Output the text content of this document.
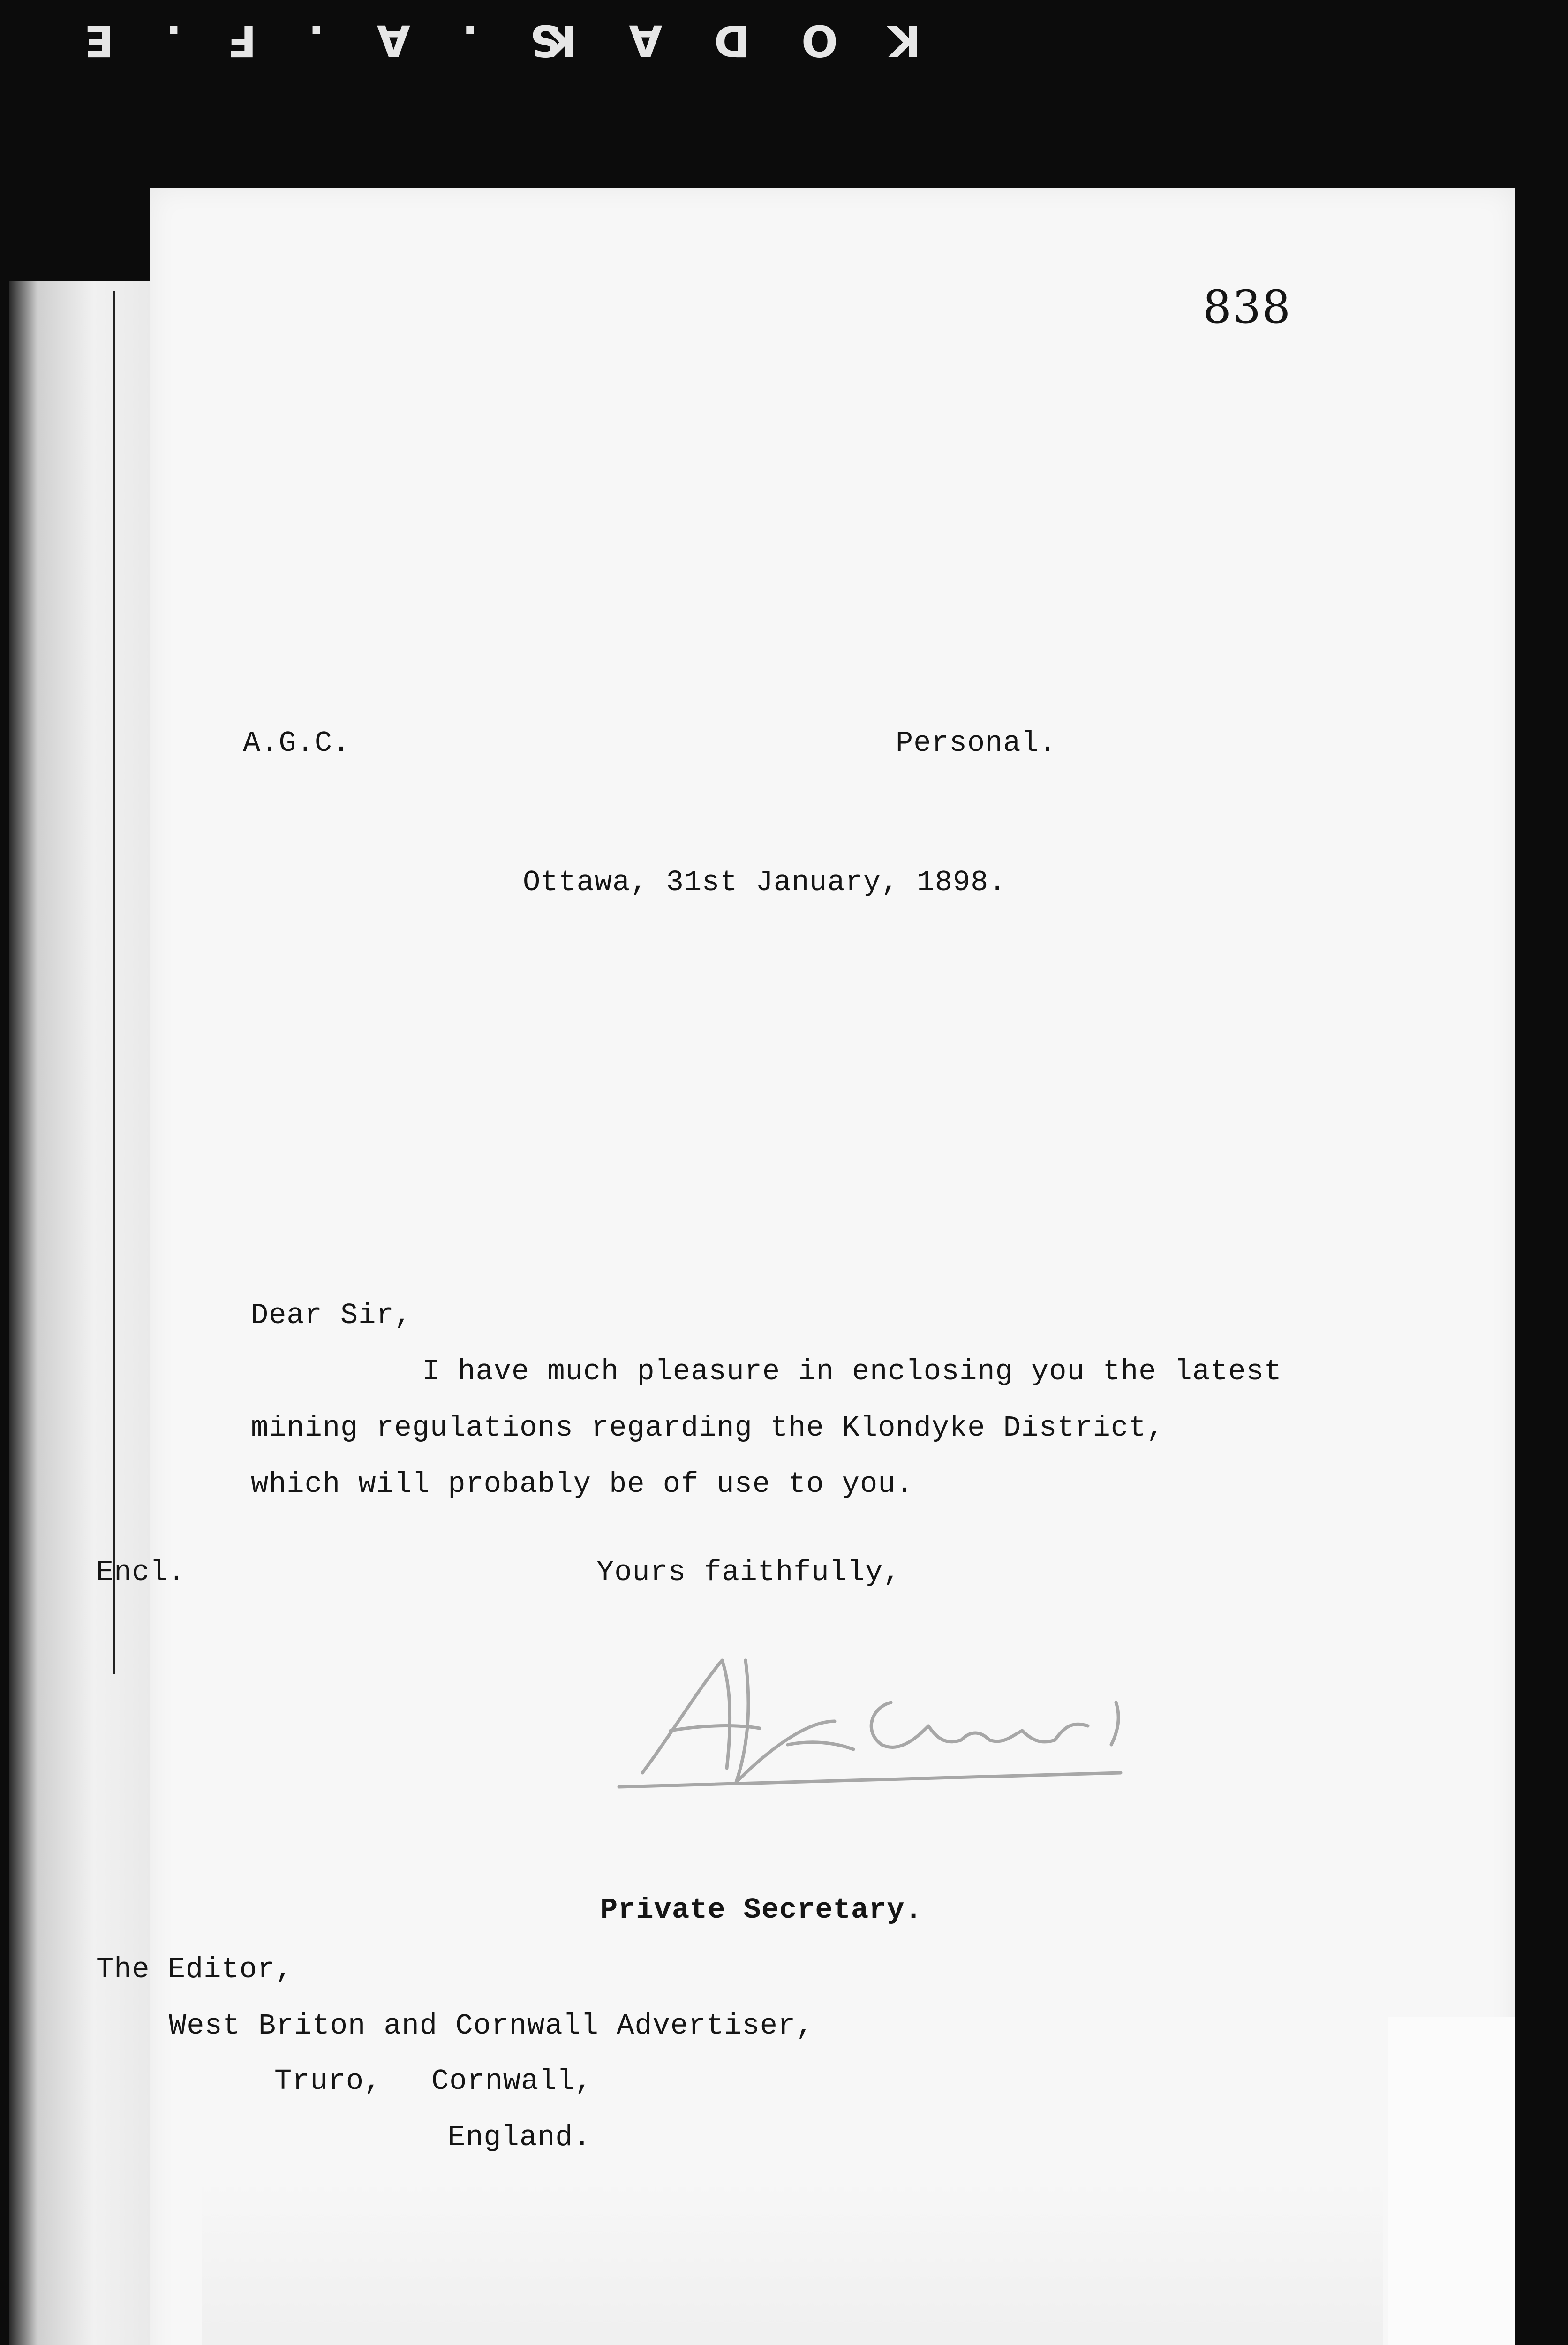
KODAK
S.A.F.E
838
A.G.C.	Personal.
Ottawa, 31st January, 1898.
Dear Sir,
I have much pleasure in enclosing you the latest
mining regulations regarding the Klondyke District,
which will probably be of use to you.
Encl.	Yours faithfully,
Private Secretary.
The Editor,
West Briton and Cornwall Advertiser,
Truro, Cornwall,
England.
